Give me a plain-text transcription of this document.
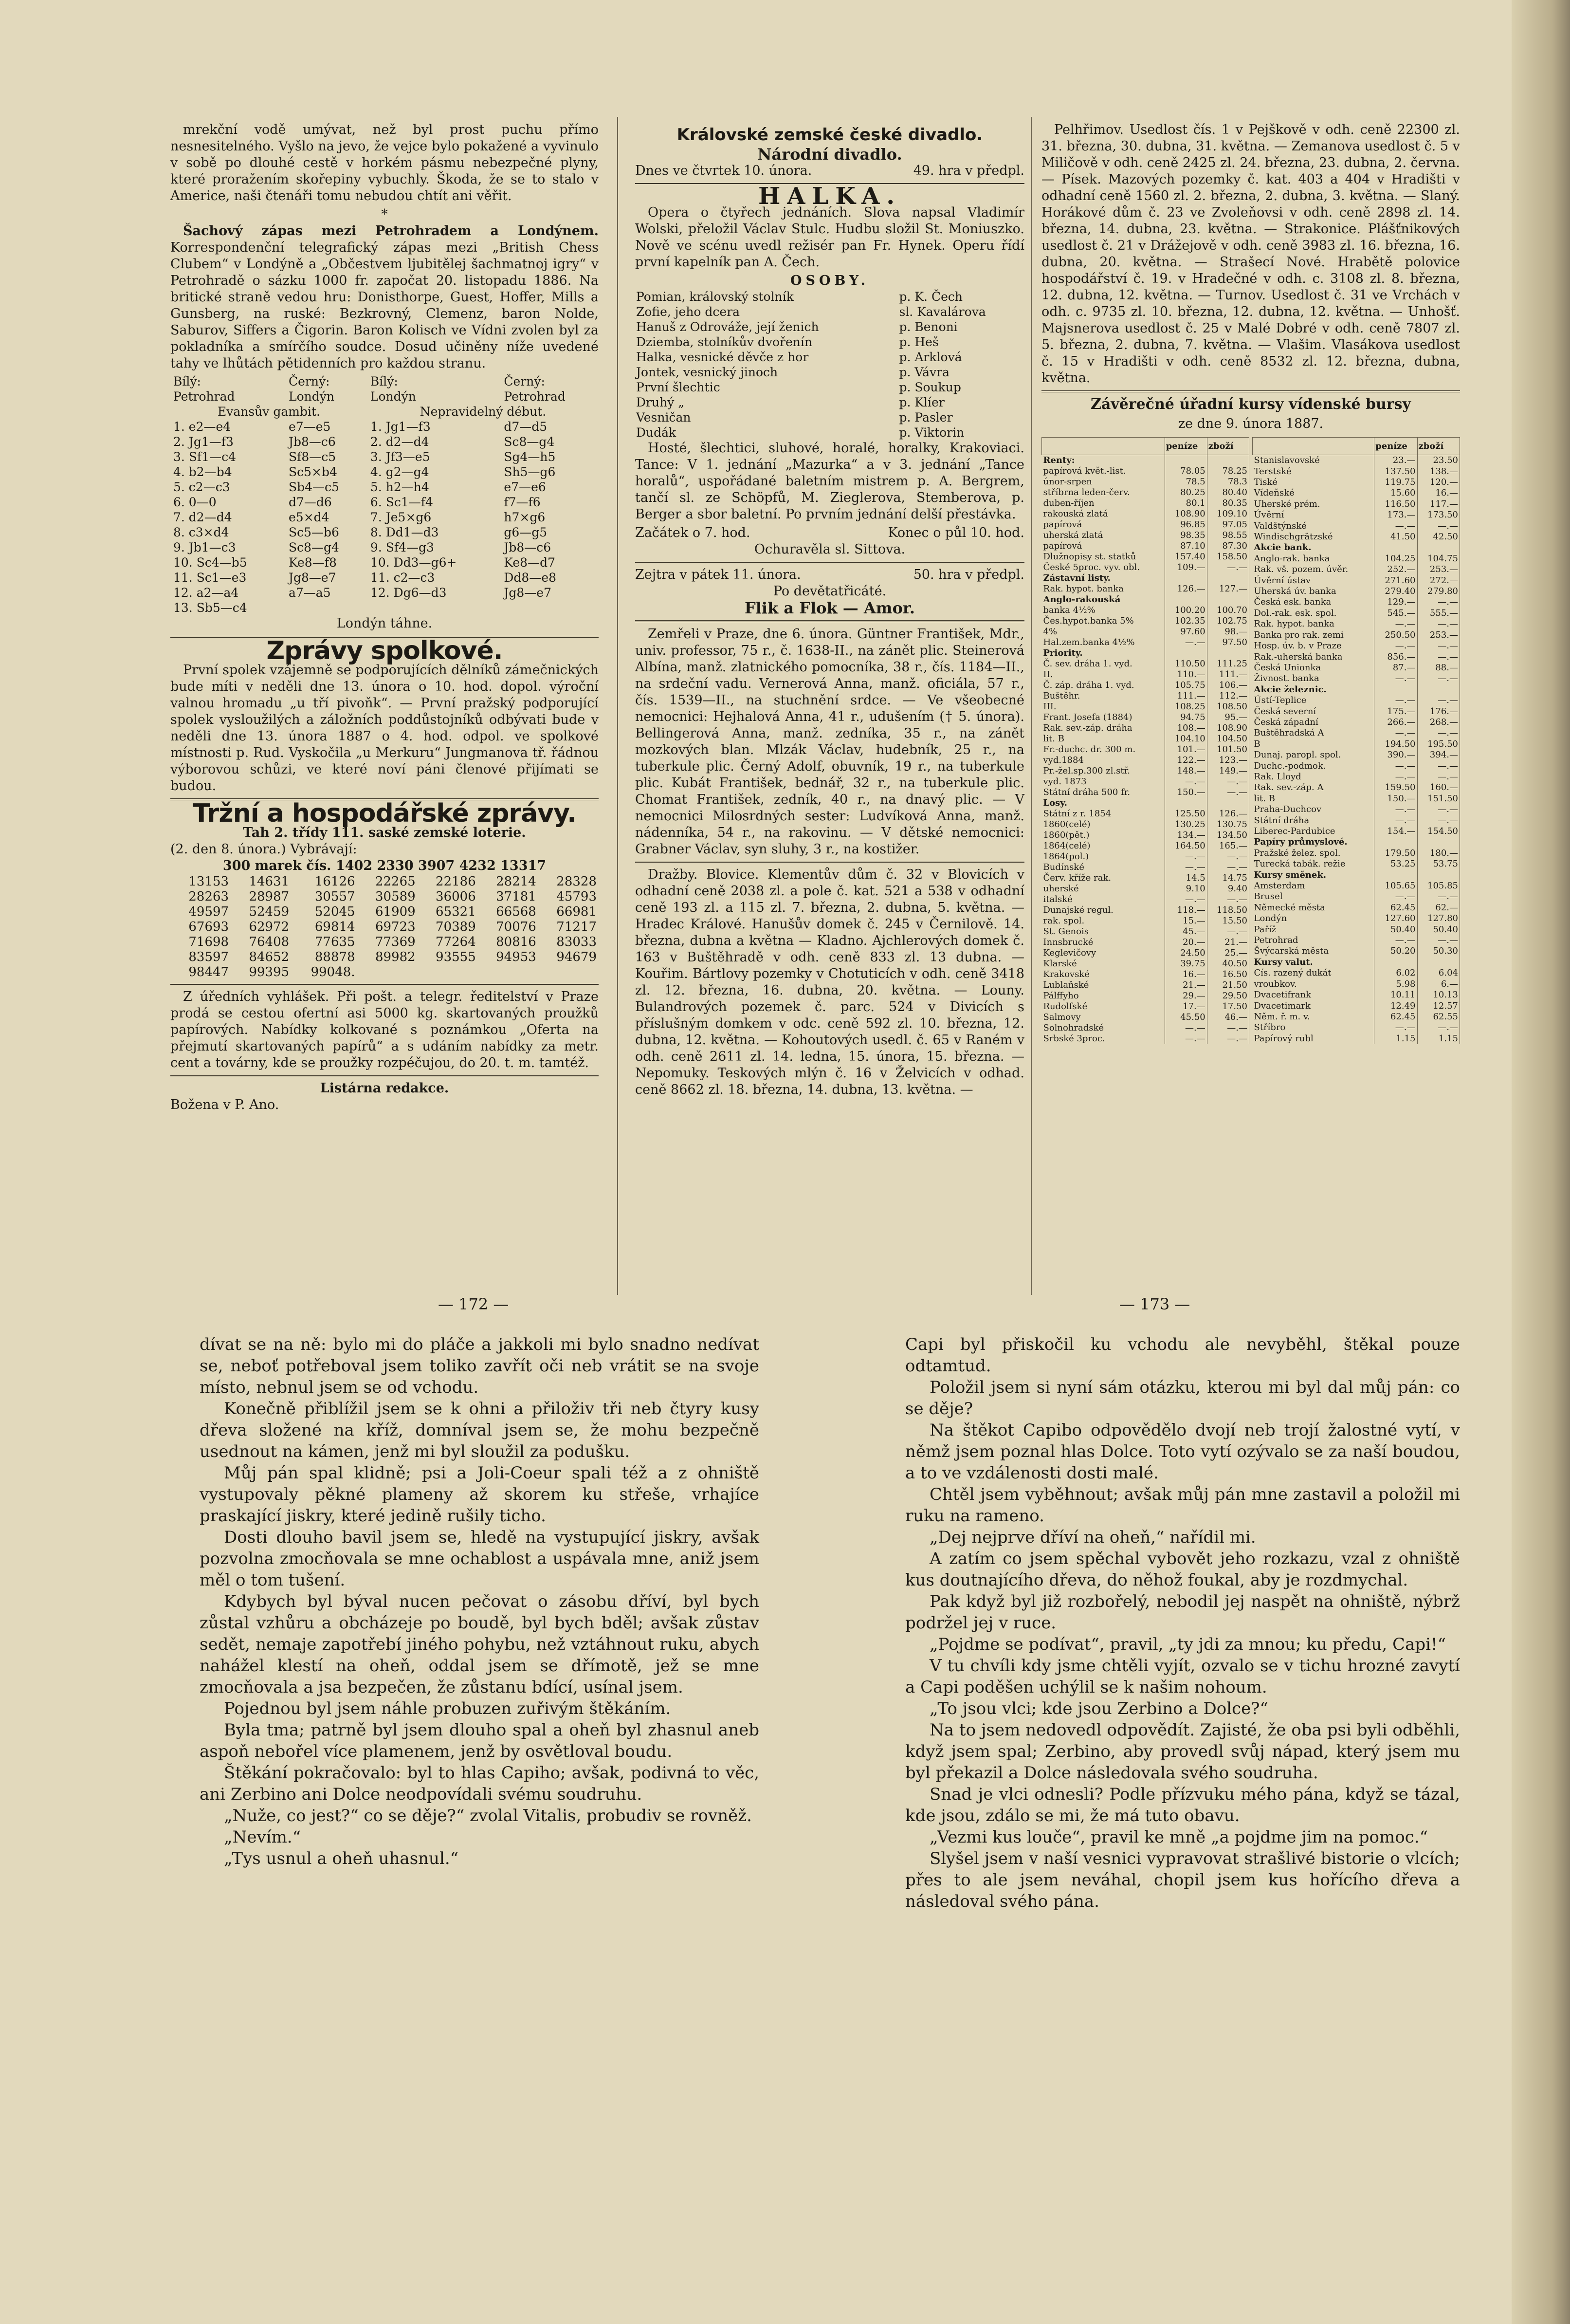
mrekční vodě umývat, než byl prost puchu přímo nesnesitelného. Vyšlo na jevo, že vejce bylo pokažené a vyvinulo v sobě po dlouhé cestě v horkém pásmu nebezpečné plyny, které proražením skořepiny vybuchly. Škoda, že se to stalo v Americe, naši čtenáři tomu nebudou chtít ani věřit.

*

Šachový zápas mezi Petrohradem a Londýnem. Korrespondenční telegrafický zápas mezi „British Chess Clubem“ v Londýně a „Občestvem ljubitělej šachmatnoj igry“ v Petrohradě o sázku 1000 fr. započat 20. listopadu 1886. Na britické straně vedou hru: Donisthorpe, Guest, Hoffer, Mills a Gunsberg, na ruské: Bezkrovný, Clemenz, baron Nolde, Saburov, Siffers a Čigorin. Baron Kolisch ve Vídni zvolen byl za pokladníka a smírčího soudce. Dosud učiněny níže uvedené tahy ve lhůtách pětidenních pro každou stranu.

Bílý:	Černý:	Bílý:	Černý:
Petrohrad	Londýn	Londýn	Petrohrad
Evansův gambit.		Nepravidelný début.	
1. e2—e4	e7—e5	1. Jg1—f3	d7—d5
2. Jg1—f3	Jb8—c6	2. d2—d4	Sc8—g4
3. Sf1—c4	Sf8—c5	3. Jf3—e5	Sg4—h5
4. b2—b4	Sc5×b4	4. g2—g4	Sh5—g6
5. c2—c3	Sb4—c5	5. h2—h4	e7—e6
6. 0—0	d7—d6	6. Sc1—f4	f7—f6
7. d2—d4	e5×d4	7. Je5×g6	h7×g6
8. c3×d4	Sc5—b6	8. Dd1—d3	g6—g5
9. Jb1—c3	Sc8—g4	9. Sf4—g3	Jb8—c6
10. Sc4—b5	Ke8—f8	10. Dd3—g6+	Ke8—d7
11. Sc1—e3	Jg8—e7	11. c2—c3	Dd8—e8
12. a2—a4	a7—a5	12. Dg6—d3	Jg8—e7
13. Sb5—c4			
Londýn táhne.
Zprávy spolkové.

První spolek vzájemně se podporujících dělníků zámečnických bude míti v neděli dne 13. února o 10. hod. dopol. výroční valnou hromadu „u tří pivoňk“. — První pražský podporující spolek vysloužilých a záložních poddůstojníků odbývati bude v neděli dne 13. února 1887 o 4. hod. odpol. ve spolkové místnosti p. Rud. Vyskočila „u Merkuru“ Jungmanova tř. řádnou výborovou schůzi, ve které noví páni členové přijímati se budou.

Tržní a hospodářské zprávy.
Tah 2. třídy 111. saské zemské loterie.
(2. den 8. února.) Vybrávají:
300 marek čís. 1402 2330 3907 4232 13317
13153	14631	16126	22265	22186	28214	28328
28263	28987	30557	30589	36006	37181	45793
49597	52459	52045	61909	65321	66568	66981
67693	62972	69814	69723	70389	70076	71217
71698	76408	77635	77369	77264	80816	83033
83597	84652	88878	89982	93555	94953	94679
98447	99395	99048.				

Z úředních vyhlášek. Při pošt. a telegr. ředitelství v Praze prodá se cestou ofertní asi 5000 kg. skartovaných proužků papírových. Nabídky kolkované s poznámkou „Oferta na přejmutí skartovaných papírů“ a s udáním nabídky za metr. cent a továrny, kde se proužky rozpéčujou, do 20. t. m. tamtéž.

Listárna redakce.
Božena v P. Ano.
Královské zemské české divadlo.
Národní divadlo.
Dnes ve čtvrtek 10. února.	49. hra v předpl.
HALKA.

Opera o čtyřech jednáních. Slova napsal Vladimír Wolski, přeložil Václav Stulc. Hudbu složil St. Moniuszko. Nově ve scénu uvedl režisér pan Fr. Hynek. Operu řídí první kapelník pan A. Čech.

OSOBY.
Pomian, královský stolník	p. K. Čech
Zofie, jeho dcera	sl. Kavalárova
Hanuš z Odrováže, její ženich	p. Benoni
Dziemba, stolníkův dvořenín	p. Heš
Halka, vesnické děvče z hor	p. Arklová
Jontek, vesnický jinoch	p. Vávra
První šlechtic	p. Soukup
Druhý „	p. Klíer
Vesničan	p. Pasler
Dudák	p. Viktorin

Hosté, šlechtici, sluhové, horalé, horalky, Krakoviaci. Tance: V 1. jednání „Mazurka“ a v 3. jednání „Tance horalů“, uspořádané baletním mistrem p. A. Bergrem, tančí sl. ze Schöpfů, M. Zieglerova, Stemberova, p. Berger a sbor baletní. Po prvním jednání delší přestávka.

Začátek o 7. hod.	Konec o půl 10. hod.
Ochuravěla sl. Sittova.
Zejtra v pátek 11. února.	50. hra v předpl.
Po devětatřicáté.
Flik a Flok — Amor.

Zemřeli v Praze, dne 6. února. Güntner František, Mdr., univ. professor, 75 r., č. 1638-II., na zánět plic. Steinerová Albína, manž. zlatnického pomocníka, 38 r., čís. 1184—II., na srdeční vadu. Vernerová Anna, manž. oficiála, 57 r., čís. 1539—II., na stuchnění srdce. — Ve všeobecné nemocnici: Hejhalová Anna, 41 r., udušením († 5. února). Bellingerová Anna, manž. zedníka, 35 r., na zánět mozkových blan. Mlzák Václav, hudebník, 25 r., na tuberkule plic. Černý Adolf, obuvník, 19 r., na tuberkule plic. Kubát František, bednář, 32 r., na tuberkule plic. Chomat František, zedník, 40 r., na dnavý plic. — V nemocnici Milosrdných sester: Ludvíková Anna, manž. nádenníka, 54 r., na rakovinu. — V dětské nemocnici: Grabner Václav, syn sluhy, 3 r., na kostižer.

Dražby. Blovice. Klementův dům č. 32 v Blovicích v odhadní ceně 2038 zl. a pole č. kat. 521 a 538 v odhadní ceně 193 zl. a 115 zl. 7. března, 2. dubna, 5. května. — Hradec Králové. Hanušův domek č. 245 v Černilově. 14. března, dubna a května — Kladno. Ajchlerových domek č. 163 v Buštěhradě v odh. ceně 833 zl. 13 dubna. — Kouřim. Bártlovy pozemky v Chotuticích v odh. ceně 3418 zl. 12. března, 16. dubna, 20. května. — Louny. Bulandrových pozemek č. parc. 524 v Divicích s příslušným domkem v odc. ceně 592 zl. 10. března, 12. dubna, 12. května. — Kohoutových usedl. č. 65 v Raném v odh. ceně 2611 zl. 14. ledna, 15. února, 15. března. — Nepomuky. Teskových mlýn č. 16 v Želvicích v odhad. ceně 8662 zl. 18. března, 14. dubna, 13. května. —

Pelhřimov. Usedlost čís. 1 v Pejškově v odh. ceně 22300 zl. 31. března, 30. dubna, 31. května. — Zemanova usedlost č. 5 v Miličově v odh. ceně 2425 zl. 24. března, 23. dubna, 2. června. — Písek. Mazových pozemky č. kat. 403 a 404 v Hradišti v odhadní ceně 1560 zl. 2. března, 2. dubna, 3. května. — Slaný. Horákové dům č. 23 ve Zvoleňovsi v odh. ceně 2898 zl. 14. března, 14. dubna, 23. května. — Strakonice. Plášťnikových usedlost č. 21 v Drážejově v odh. ceně 3983 zl. 16. března, 16. dubna, 20. května. — Strašecí Nové. Hrabětě polovice hospodářství č. 19. v Hradečné v odh. c. 3108 zl. 8. března, 12. dubna, 12. května. — Turnov. Usedlost č. 31 ve Vrchách v odh. c. 9735 zl. 10. března, 12. dubna, 12. května. — Unhošť. Majsnerova usedlost č. 25 v Malé Dobré v odh. ceně 7807 zl. 5. března, 2. dubna, 7. května. — Vlašim. Vlasákova usedlost č. 15 v Hradišti v odh. ceně 8532 zl. 12. března, dubna, května.

Závěrečné úřadní kursy vídenské bursy
ze dne 9. února 1887.
	peníze	zboží
Renty:		
papírová květ.-list.	78.05	78.25
únor-srpen	78.5	78.3
stříbrna leden-červ.	80.25	80.40
duben-říjen	80.1	80.35
rakouská zlatá	108.90	109.10
papírová	96.85	97.05
uherská zlatá	98.35	98.55
papírová	87.10	87.30
Dlužnopisy st. statků	157.40	158.50
České 5proc. vyv. obl.	109.—	—.—
Zástavní listy.		
Rak. hypot. banka	126.—	127.—
Anglo-rakouská		
banka 4½%	100.20	100.70
Čes.hypot.banka 5%	102.35	102.75
4%	97.60	98.—
Hal.zem.banka 4½%	—.—	97.50
Priority.		
Č. sev. dráha 1. vyd.	110.50	111.25
II.	110.—	111.—
Č. záp. dráha 1. vyd.	105.75	106.—
Buštěhr.	111.—	112.—
III.	108.25	108.50
Frant. Josefa (1884)	94.75	95.—
Rak. sev.-záp. dráha	108.—	108.90
lit. B	104.10	104.50
Fr.-duchc. dr. 300 m.	101.—	101.50
vyd.1884	122.—	123.—
Pr.-žel.sp.300 zl.stř.	148.—	149.—
vyd. 1873	—.—	—.—
Státní dráha 500 fr.	150.—	—.—
Losy.		
Státní z r. 1854	125.50	126.—
1860(celé)	130.25	130.75
1860(pět.)	134.—	134.50
1864(celé)	164.50	165.—
1864(pol.)	—.—	—.—
Budínské	—.—	—.—
Červ. kříže rak.	14.5	14.75
uherské	9.10	9.40
italské	—.—	—.—
Dunajské regul.	118.—	118.50
rak. spol.	15.—	15.50
St. Genois	45.—	—.—
Innsbrucké	20.—	21.—
Keglevičovy	24.50	25.—
Klarské	39.75	40.50
Krakovské	16.—	16.50
Lublaňské	21.—	21.50
Pálffyho	29.—	29.50
Rudolfské	17.—	17.50
Salmovy	45.50	46.—
Solnohradské	—.—	—.—
Srbské 3proc.	—.—	—.—
	peníze	zboží
Stanislavovské	23.—	23.50
Terstské	137.50	138.—
Tiské	119.75	120.—
Vídeňské	15.60	16.—
Uherské prém.	116.50	117.—
Úvěrní	173.—	173.50
Valdštýnské	—.—	—.—
Windischgrätzské	41.50	42.50
Akcie bank.		
Anglo-rak. banka	104.25	104.75
Rak. vš. pozem. úvěr.	252.—	253.—
Úvěrní ústav	271.60	272.—
Uherská úv. banka	279.40	279.80
Česká esk. banka	129.—	—.—
Dol.-rak. esk. spol.	545.—	555.—
Rak. hypot. banka	—.—	—.—
Banka pro rak. zemi	250.50	253.—
Hosp. úv. b. v Praze	—.—	—.—
Rak.-uherská banka	856.—	—.—
Česká Unionka	87.—	88.—
Živnost. banka	—.—	—.—
Akcie železnic.		
Ústí-Teplice	—.—	—.—
Česká severní	175.—	176.—
Česká západní	266.—	268.—
Buštěhradská A	—.—	—.—
B	194.50	195.50
Dunaj. paropl. spol.	390.—	394.—
Duchc.-podmok.	—.—	—.—
Rak. Lloyd	—.—	—.—
Rak. sev.-záp. A	159.50	160.—
lit. B	150.—	151.50
Praha-Duchcov	—.—	—.—
Státní dráha	—.—	—.—
Liberec-Pardubice	154.—	154.50
Papíry průmyslové.		
Pražské želez. spol.	179.50	180.—
Turecká tabák. režie	53.25	53.75
Kursy směnek.		
Amsterdam	105.65	105.85
Brusel	—.—	—.—
Německé města	62.45	62.—
Londýn	127.60	127.80
Paříž	50.40	50.40
Petrohrad	—.—	—.—
Švýcarská města	50.20	50.30
Kursy valut.		
Cís. razený dukát	6.02	6.04
vroubkov.	5.98	6.—
Dvacetifrank	10.11	10.13
Dvacetimark	12.49	12.57
Něm. ř. m. v.	62.45	62.55
Stříbro	—.—	—.—
Papírový rubl	1.15	1.15
— 172 —	— 173 —

dívat se na ně: bylo mi do pláče a jakkoli mi bylo snadno nedívat se, neboť potřeboval jsem toliko zavřít oči neb vrátit se na svoje místo, nebnul jsem se od vchodu.

Konečně přiblížil jsem se k ohni a přiloživ tři neb čtyry kusy dřeva složené na kříž, domníval jsem se, že mohu bezpečně usednout na kámen, jenž mi byl sloužil za podušku.

Můj pán spal klidně; psi a Joli-Coeur spali též a z ohniště vystupovaly pěkné plameny až skorem ku střeše, vrhajíce praskající jiskry, které jedině rušily ticho.

Dosti dlouho bavil jsem se, hledě na vystupující jiskry, avšak pozvolna zmocňovala se mne ochablost a uspávala mne, aniž jsem měl o tom tušení.

Kdybych byl býval nucen pečovat o zásobu dříví, byl bych zůstal vzhůru a obcházeje po boudě, byl bych bděl; avšak zůstav sedět, nemaje zapotřebí jiného pohybu, než vztáhnout ruku, abych nahážel klestí na oheň, oddal jsem se dřímotě, jež se mne zmocňovala a jsa bezpečen, že zůstanu bdící, usínal jsem.

Pojednou byl jsem náhle probuzen zuřivým štěkáním.

Byla tma; patrně byl jsem dlouho spal a oheň byl zhasnul aneb aspoň nebořel více plamenem, jenž by osvětloval boudu.

Štěkání pokračovalo: byl to hlas Capiho; avšak, podivná to věc, ani Zerbino ani Dolce neodpovídali svému soudruhu.

„Nuže, co jest?“ co se děje?“ zvolal Vitalis, probudiv se rovněž.

„Nevím.“

„Tys usnul a oheň uhasnul.“

Capi byl přiskočil ku vchodu ale nevyběhl, štěkal pouze odtamtud.

Položil jsem si nyní sám otázku, kterou mi byl dal můj pán: co se děje?

Na štěkot Capibo odpovědělo dvojí neb trojí žalostné vytí, v němž jsem poznal hlas Dolce. Toto vytí ozývalo se za naší boudou, a to ve vzdálenosti dosti malé.

Chtěl jsem vyběhnout; avšak můj pán mne zastavil a položil mi ruku na rameno.

„Dej nejprve dříví na oheň,“ nařídil mi.

A zatím co jsem spěchal vybovět jeho rozkazu, vzal z ohniště kus doutnajícího dřeva, do něhož foukal, aby je rozdmychal.

Pak když byl již rozbořelý, nebodil jej naspět na ohniště, nýbrž podržel jej v ruce.

„Pojdme se podívat“, pravil, „ty jdi za mnou; ku předu, Capi!“

V tu chvíli kdy jsme chtěli vyjít, ozvalo se v tichu hrozné zavytí a Capi poděšen uchýlil se k našim nohoum.

„To jsou vlci; kde jsou Zerbino a Dolce?“

Na to jsem nedovedl odpovědít. Zajisté, že oba psi byli odběhli, když jsem spal; Zerbino, aby provedl svůj nápad, který jsem mu byl překazil a Dolce následovala svého soudruha.

Snad je vlci odnesli? Podle přízvuku mého pána, když se tázal, kde jsou, zdálo se mi, že má tuto obavu.

„Vezmi kus louče“, pravil ke mně „a pojdme jim na pomoc.“

Slyšel jsem v naší vesnici vypravovat strašlivé bistorie o vlcích; přes to ale jsem neváhal, chopil jsem kus hořícího dřeva a následoval svého pána.
